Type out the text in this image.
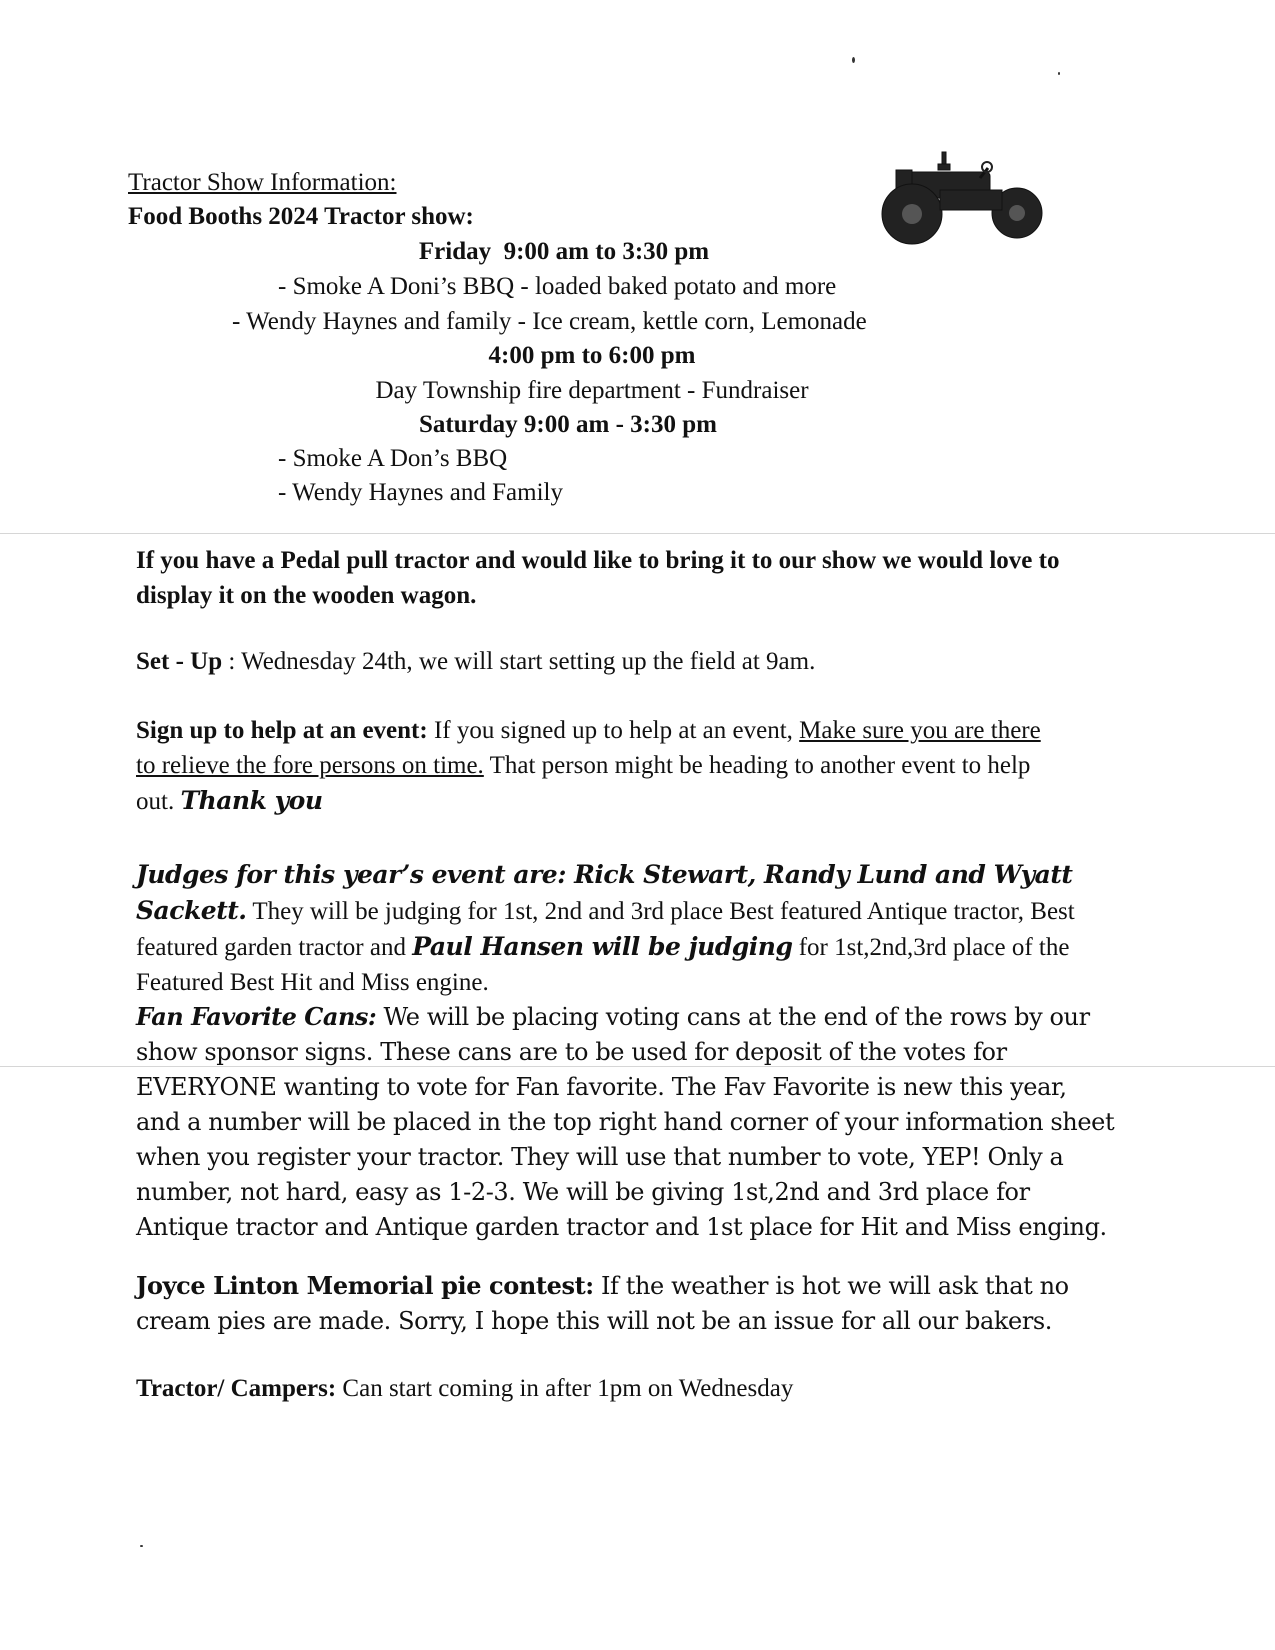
Tractor Show Information:
Food Booths 2024 Tractor show:
Friday  9:00 am to 3:30 pm
- Smoke A Doni’s BBQ - loaded baked potato and more
- Wendy Haynes and family - Ice cream, kettle corn, Lemonade
4:00 pm to 6:00 pm
Day Township fire department - Fundraiser
Saturday 9:00 am - 3:30 pm
- Smoke A Don’s BBQ
- Wendy Haynes and Family
If you have a Pedal pull tractor and would like to bring it to our show we would love to display it on the wooden wagon.
Set - Up : Wednesday 24th, we will start setting up the field at 9am.
Sign up to help at an event: If you signed up to help at an event, Make sure you are there to relieve the fore persons on time. That person might be heading to another event to help out. Thank you
Judges for this year’s event are: Rick Stewart, Randy Lund and Wyatt Sackett. They will be judging for 1st, 2nd and 3rd place Best featured Antique tractor, Best featured garden tractor and Paul Hansen will be judging for 1st,2nd,3rd place of the Featured Best Hit and Miss engine.
Fan Favorite Cans: We will be placing voting cans at the end of the rows by our show sponsor signs. These cans are to be used for deposit of the votes for EVERYONE wanting to vote for Fan favorite. The Fav Favorite is new this year, and a number will be placed in the top right hand corner of your information sheet when you register your tractor. They will use that number to vote, YEP! Only a number, not hard, easy as 1-2-3. We will be giving 1st,2nd and 3rd place for Antique tractor and Antique garden tractor and 1st place for Hit and Miss enging.
Joyce Linton Memorial pie contest: If the weather is hot we will ask that no cream pies are made. Sorry, I hope this will not be an issue for all our bakers.
Tractor/ Campers: Can start coming in after 1pm on Wednesday
